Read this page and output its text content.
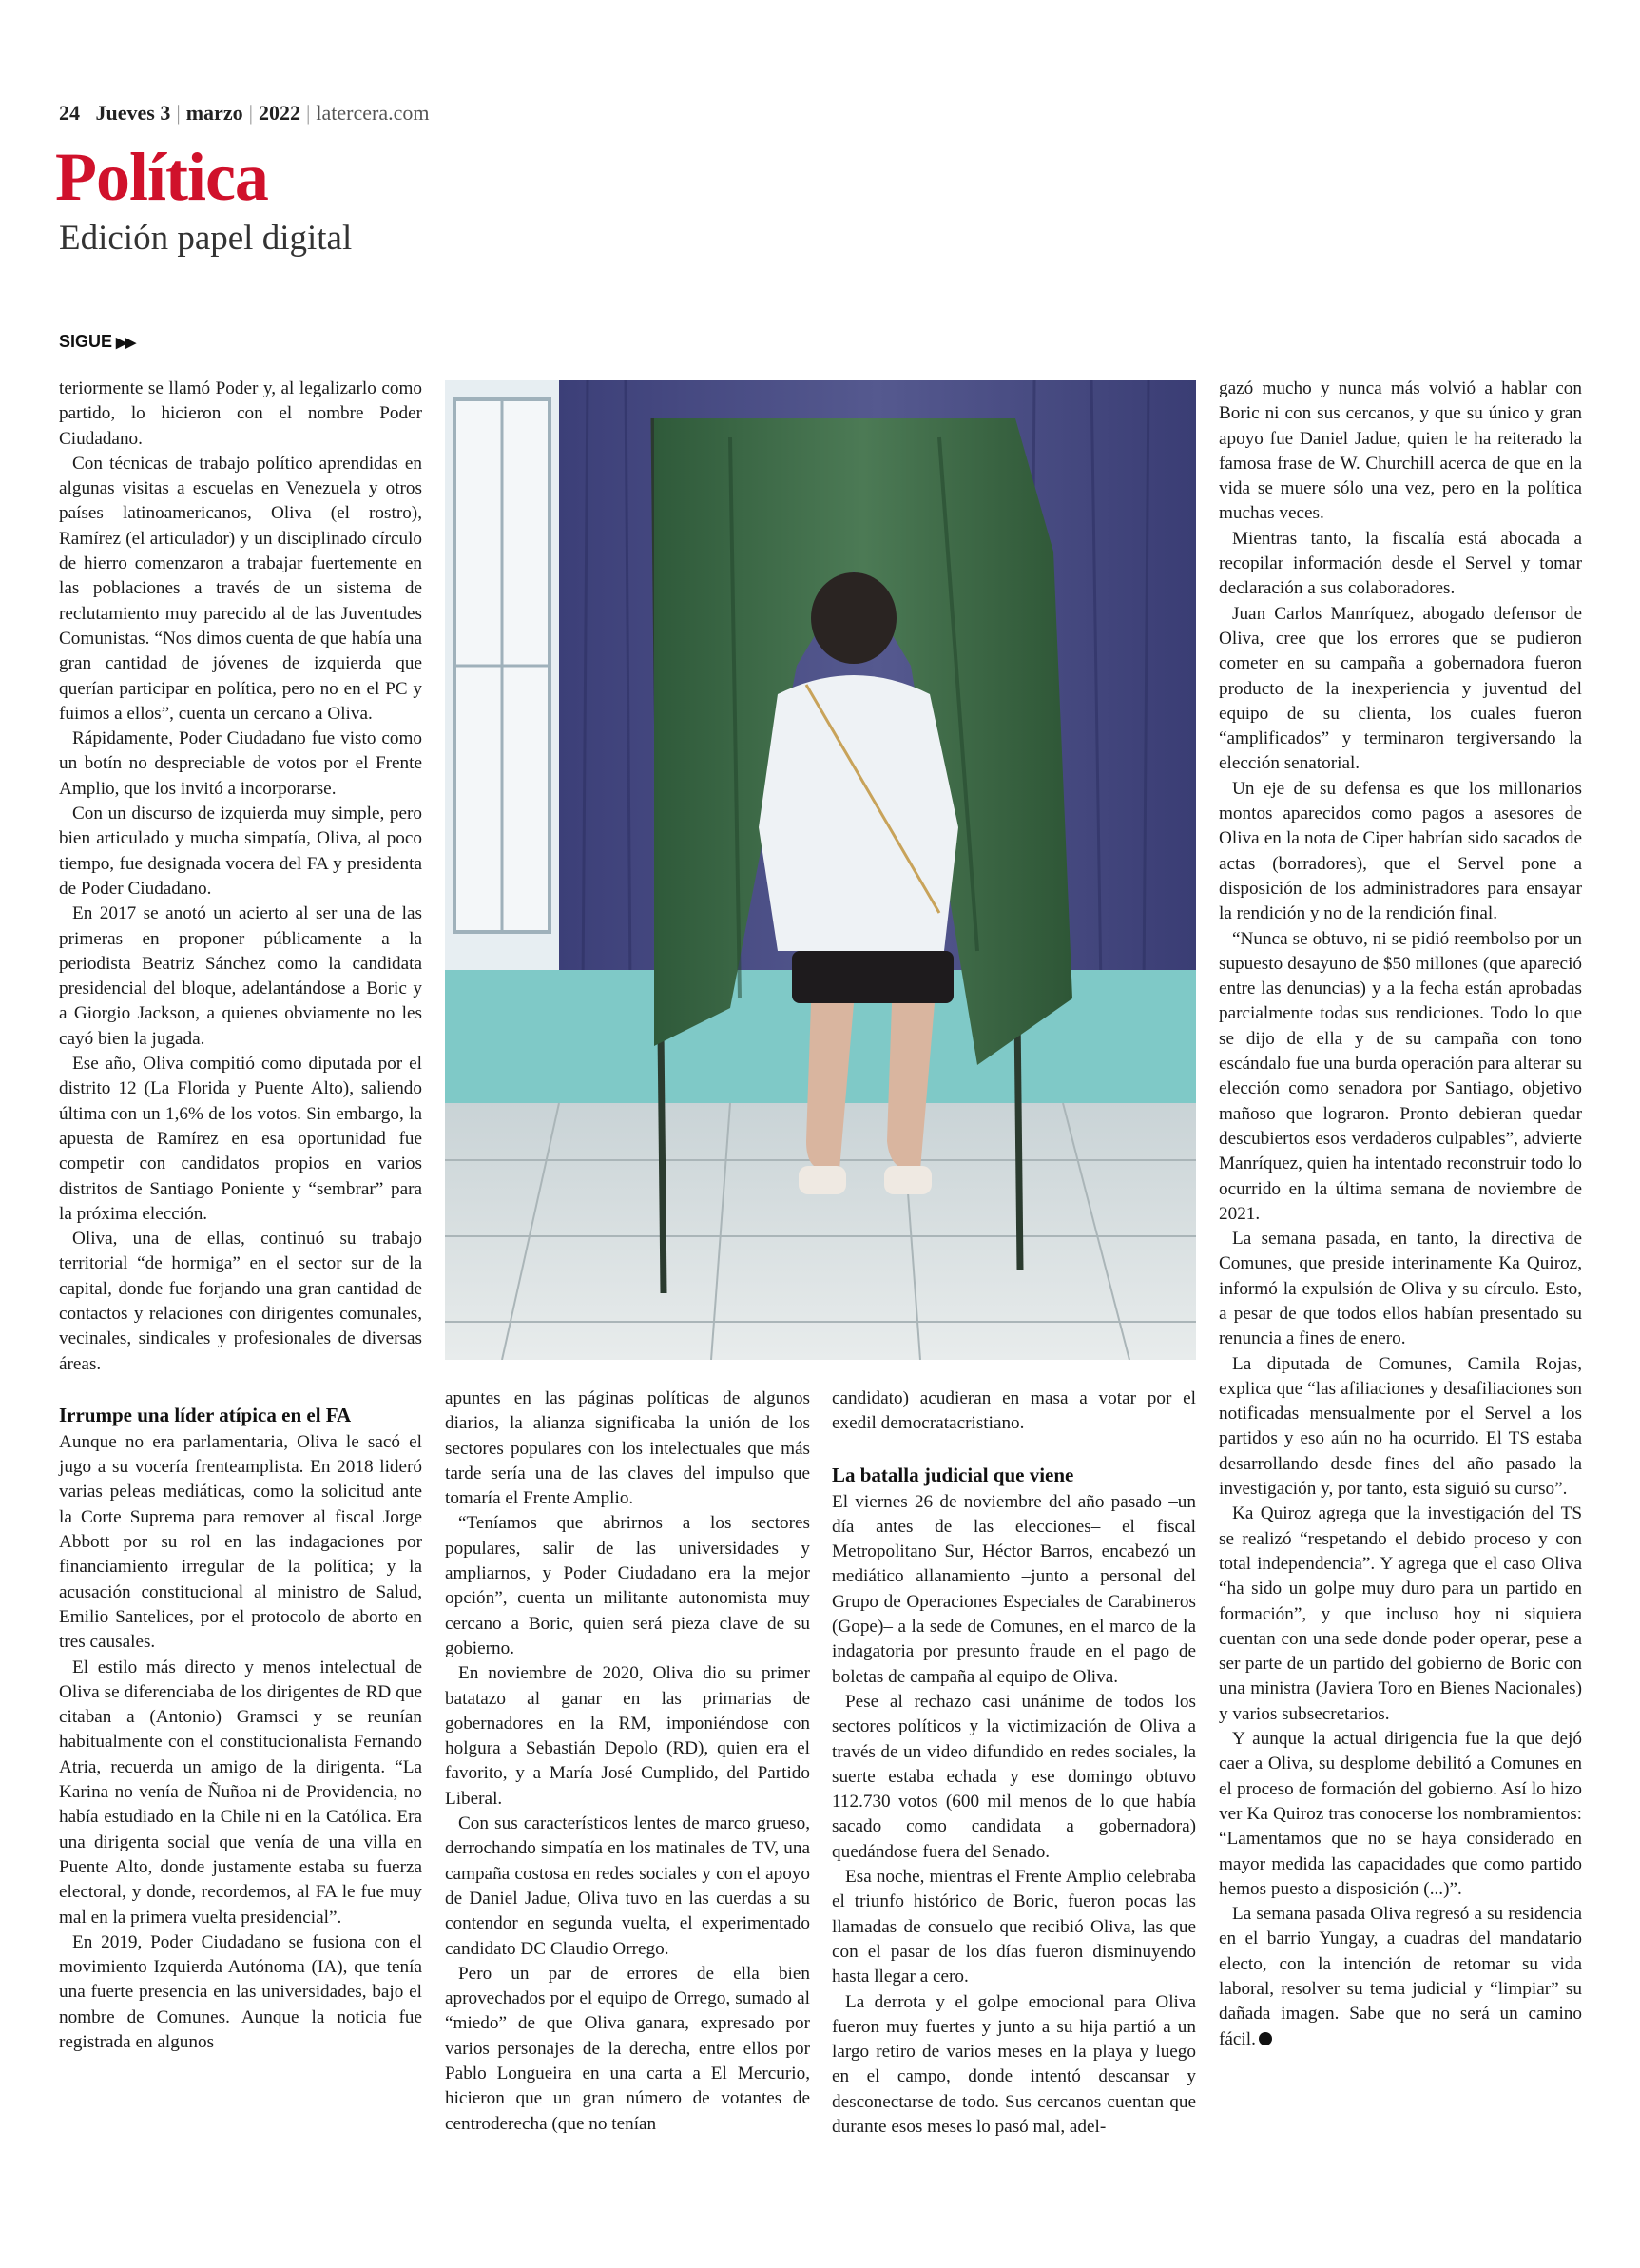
24 Jueves 3 | marzo | 2022 | latercera.com
Política
Edición papel digital
SIGUE ▶▶

teriormente se llamó Poder y, al legalizarlo como partido, lo hicieron con el nombre Poder Ciudadano.

Con técnicas de trabajo político aprendidas en algunas visitas a escuelas en Venezuela y otros países latinoamericanos, Oliva (el rostro), Ramírez (el articulador) y un disciplinado círculo de hierro comenzaron a trabajar fuertemente en las poblaciones a través de un sistema de reclutamiento muy parecido al de las Juventudes Comunistas. “Nos dimos cuenta de que había una gran cantidad de jóvenes de izquierda que querían participar en política, pero no en el PC y fuimos a ellos”, cuenta un cercano a Oliva.

Rápidamente, Poder Ciudadano fue visto como un botín no despreciable de votos por el Frente Amplio, que los invitó a incorporarse.

Con un discurso de izquierda muy simple, pero bien articulado y mucha simpatía, Oliva, al poco tiempo, fue designada vocera del FA y presidenta de Poder Ciudadano.

En 2017 se anotó un acierto al ser una de las primeras en proponer públicamente a la periodista Beatriz Sánchez como la candidata presidencial del bloque, adelantándose a Boric y a Giorgio Jackson, a quienes obviamente no les cayó bien la jugada.

Ese año, Oliva compitió como diputada por el distrito 12 (La Florida y Puente Alto), saliendo última con un 1,6% de los votos. Sin embargo, la apuesta de Ramírez en esa oportunidad fue competir con candidatos propios en varios distritos de Santiago Poniente y “sembrar” para la próxima elección.

Oliva, una de ellas, continuó su trabajo territorial “de hormiga” en el sector sur de la capital, donde fue forjando una gran cantidad de contactos y relaciones con dirigentes comunales, vecinales, sindicales y profesionales de diversas áreas.

Irrumpe una líder atípica en el FA

Aunque no era parlamentaria, Oliva le sacó el jugo a su vocería frenteamplista. En 2018 lideró varias peleas mediáticas, como la solicitud ante la Corte Suprema para remover al fiscal Jorge Abbott por su rol en las indagaciones por financiamiento irregular de la política; y la acusación constitucional al ministro de Salud, Emilio Santelices, por el protocolo de aborto en tres causales.

El estilo más directo y menos intelectual de Oliva se diferenciaba de los dirigentes de RD que citaban a (Antonio) Gramsci y se reunían habitualmente con el constitucionalista Fernando Atria, recuerda un amigo de la dirigenta. “La Karina no venía de Ñuñoa ni de Providencia, no había estudiado en la Chile ni en la Católica. Era una dirigenta social que venía de una villa en Puente Alto, donde justamente estaba su fuerza electoral, y donde, recordemos, al FA le fue muy mal en la primera vuelta presidencial”.

En 2019, Poder Ciudadano se fusiona con el movimiento Izquierda Autónoma (IA), que tenía una fuerte presencia en las universidades, bajo el nombre de Comunes. Aunque la noticia fue registrada en algunos

apuntes en las páginas políticas de algunos diarios, la alianza significaba la unión de los sectores populares con los intelectuales que más tarde sería una de las claves del impulso que tomaría el Frente Amplio.

“Teníamos que abrirnos a los sectores populares, salir de las universidades y ampliarnos, y Poder Ciudadano era la mejor opción”, cuenta un militante autonomista muy cercano a Boric, quien será pieza clave de su gobierno.

En noviembre de 2020, Oliva dio su primer batatazo al ganar en las primarias de gobernadores en la RM, imponiéndose con holgura a Sebastián Depolo (RD), quien era el favorito, y a María José Cumplido, del Partido Liberal.

Con sus característicos lentes de marco grueso, derrochando simpatía en los matinales de TV, una campaña costosa en redes sociales y con el apoyo de Daniel Jadue, Oliva tuvo en las cuerdas a su contendor en segunda vuelta, el experimentado candidato DC Claudio Orrego.

Pero un par de errores de ella bien aprovechados por el equipo de Orrego, sumado al “miedo” de que Oliva ganara, expresado por varios personajes de la derecha, entre ellos por Pablo Longueira en una carta a El Mercurio, hicieron que un gran número de votantes de centroderecha (que no tenían

candidato) acudieran en masa a votar por el exedil democratacristiano.

La batalla judicial que viene

El viernes 26 de noviembre del año pasado –un día antes de las elecciones– el fiscal Metropolitano Sur, Héctor Barros, encabezó un mediático allanamiento –junto a personal del Grupo de Operaciones Especiales de Carabineros (Gope)– a la sede de Comunes, en el marco de la indagatoria por presunto fraude en el pago de boletas de campaña al equipo de Oliva.

Pese al rechazo casi unánime de todos los sectores políticos y la victimización de Oliva a través de un video difundido en redes sociales, la suerte estaba echada y ese domingo obtuvo 112.730 votos (600 mil menos de lo que había sacado como candidata a gobernadora) quedándose fuera del Senado.

Esa noche, mientras el Frente Amplio celebraba el triunfo histórico de Boric, fueron pocas las llamadas de consuelo que recibió Oliva, las que con el pasar de los días fueron disminuyendo hasta llegar a cero.

La derrota y el golpe emocional para Oliva fueron muy fuertes y junto a su hija partió a un largo retiro de varios meses en la playa y luego en el campo, donde intentó descansar y desconectarse de todo. Sus cercanos cuentan que durante esos meses lo pasó mal, adel-

gazó mucho y nunca más volvió a hablar con Boric ni con sus cercanos, y que su único y gran apoyo fue Daniel Jadue, quien le ha reiterado la famosa frase de W. Churchill acerca de que en la vida se muere sólo una vez, pero en la política muchas veces.

Mientras tanto, la fiscalía está abocada a recopilar información desde el Servel y tomar declaración a sus colaboradores.

Juan Carlos Manríquez, abogado defensor de Oliva, cree que los errores que se pudieron cometer en su campaña a gobernadora fueron producto de la inexperiencia y juventud del equipo de su clienta, los cuales fueron “amplificados” y terminaron tergiversando la elección senatorial.

Un eje de su defensa es que los millonarios montos aparecidos como pagos a asesores de Oliva en la nota de Ciper habrían sido sacados de actas (borradores), que el Servel pone a disposición de los administradores para ensayar la rendición y no de la rendición final.

“Nunca se obtuvo, ni se pidió reembolso por un supuesto desayuno de $50 millones (que apareció entre las denuncias) y a la fecha están aprobadas parcialmente todas sus rendiciones. Todo lo que se dijo de ella y de su campaña con tono escándalo fue una burda operación para alterar su elección como senadora por Santiago, objetivo mañoso que lograron. Pronto debieran quedar descubiertos esos verdaderos culpables”, advierte Manríquez, quien ha intentado reconstruir todo lo ocurrido en la última semana de noviembre de 2021.

La semana pasada, en tanto, la directiva de Comunes, que preside interinamente Ka Quiroz, informó la expulsión de Oliva y su círculo. Esto, a pesar de que todos ellos habían presentado su renuncia a fines de enero.

La diputada de Comunes, Camila Rojas, explica que “las afiliaciones y desafiliaciones son notificadas mensualmente por el Servel a los partidos y eso aún no ha ocurrido. El TS estaba desarrollando desde fines del año pasado la investigación y, por tanto, esta siguió su curso”.

Ka Quiroz agrega que la investigación del TS se realizó “respetando el debido proceso y con total independencia”. Y agrega que el caso Oliva “ha sido un golpe muy duro para un partido en formación”, y que incluso hoy ni siquiera cuentan con una sede donde poder operar, pese a ser parte de un partido del gobierno de Boric con una ministra (Javiera Toro en Bienes Nacionales) y varios subsecretarios.

Y aunque la actual dirigencia fue la que dejó caer a Oliva, su desplome debilitó a Comunes en el proceso de formación del gobierno. Así lo hizo ver Ka Quiroz tras conocerse los nombramientos: “Lamentamos que no se haya considerado en mayor medida las capacidades que como partido hemos puesto a disposición (...)”.

La semana pasada Oliva regresó a su residencia en el barrio Yungay, a cuadras del mandatario electo, con la intención de retomar su vida laboral, resolver su tema judicial y “limpiar” su dañada imagen. Sabe que no será un camino fácil.
